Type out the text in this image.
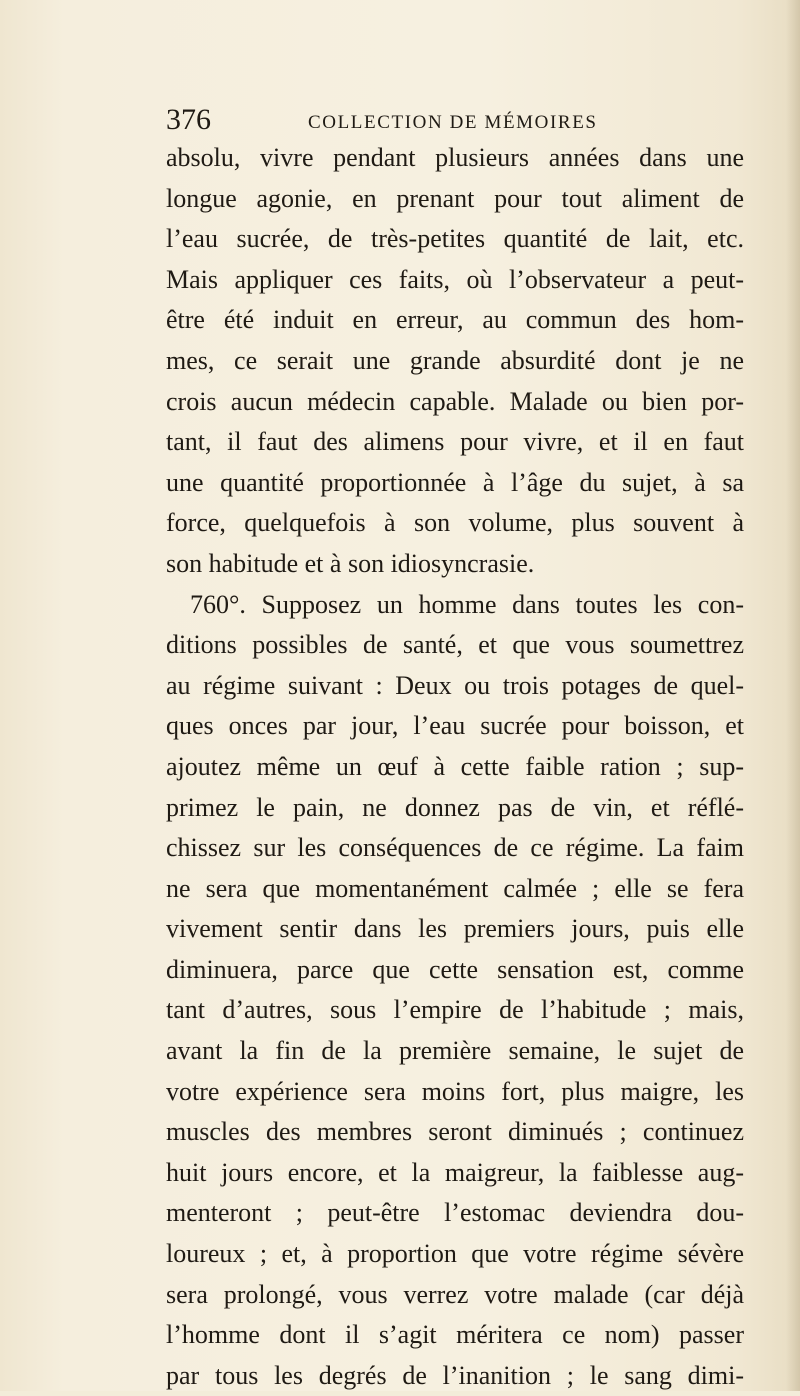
376	COLLECTION DE MÉMOIRES
absolu, vivre pendant plusieurs années dans une
longue agonie, en prenant pour tout aliment de
l’eau sucrée, de très-petites quantité de lait, etc.
Mais appliquer ces faits, où l’observateur a peut-
être été induit en erreur, au commun des hom-
mes, ce serait une grande absurdité dont je ne
crois aucun médecin capable. Malade ou bien por-
tant, il faut des alimens pour vivre, et il en faut
une quantité proportionnée à l’âge du sujet, à sa
force, quelquefois à son volume, plus souvent à
son habitude et à son idiosyncrasie.
760°. Supposez un homme dans toutes les con-
ditions possibles de santé, et que vous soumettrez
au régime suivant : Deux ou trois potages de quel-
ques onces par jour, l’eau sucrée pour boisson, et
ajoutez même un œuf à cette faible ration ; sup-
primez le pain, ne donnez pas de vin, et réflé-
chissez sur les conséquences de ce régime. La faim
ne sera que momentanément calmée ; elle se fera
vivement sentir dans les premiers jours, puis elle
diminuera, parce que cette sensation est, comme
tant d’autres, sous l’empire de l’habitude ; mais,
avant la fin de la première semaine, le sujet de
votre expérience sera moins fort, plus maigre, les
muscles des membres seront diminués ; continuez
huit jours encore, et la maigreur, la faiblesse aug-
menteront ; peut-être l’estomac deviendra dou-
loureux ; et, à proportion que votre régime sévère
sera prolongé, vous verrez votre malade (car déjà
l’homme dont il s’agit méritera ce nom) passer
par tous les degrés de l’inanition ; le sang dimi-
